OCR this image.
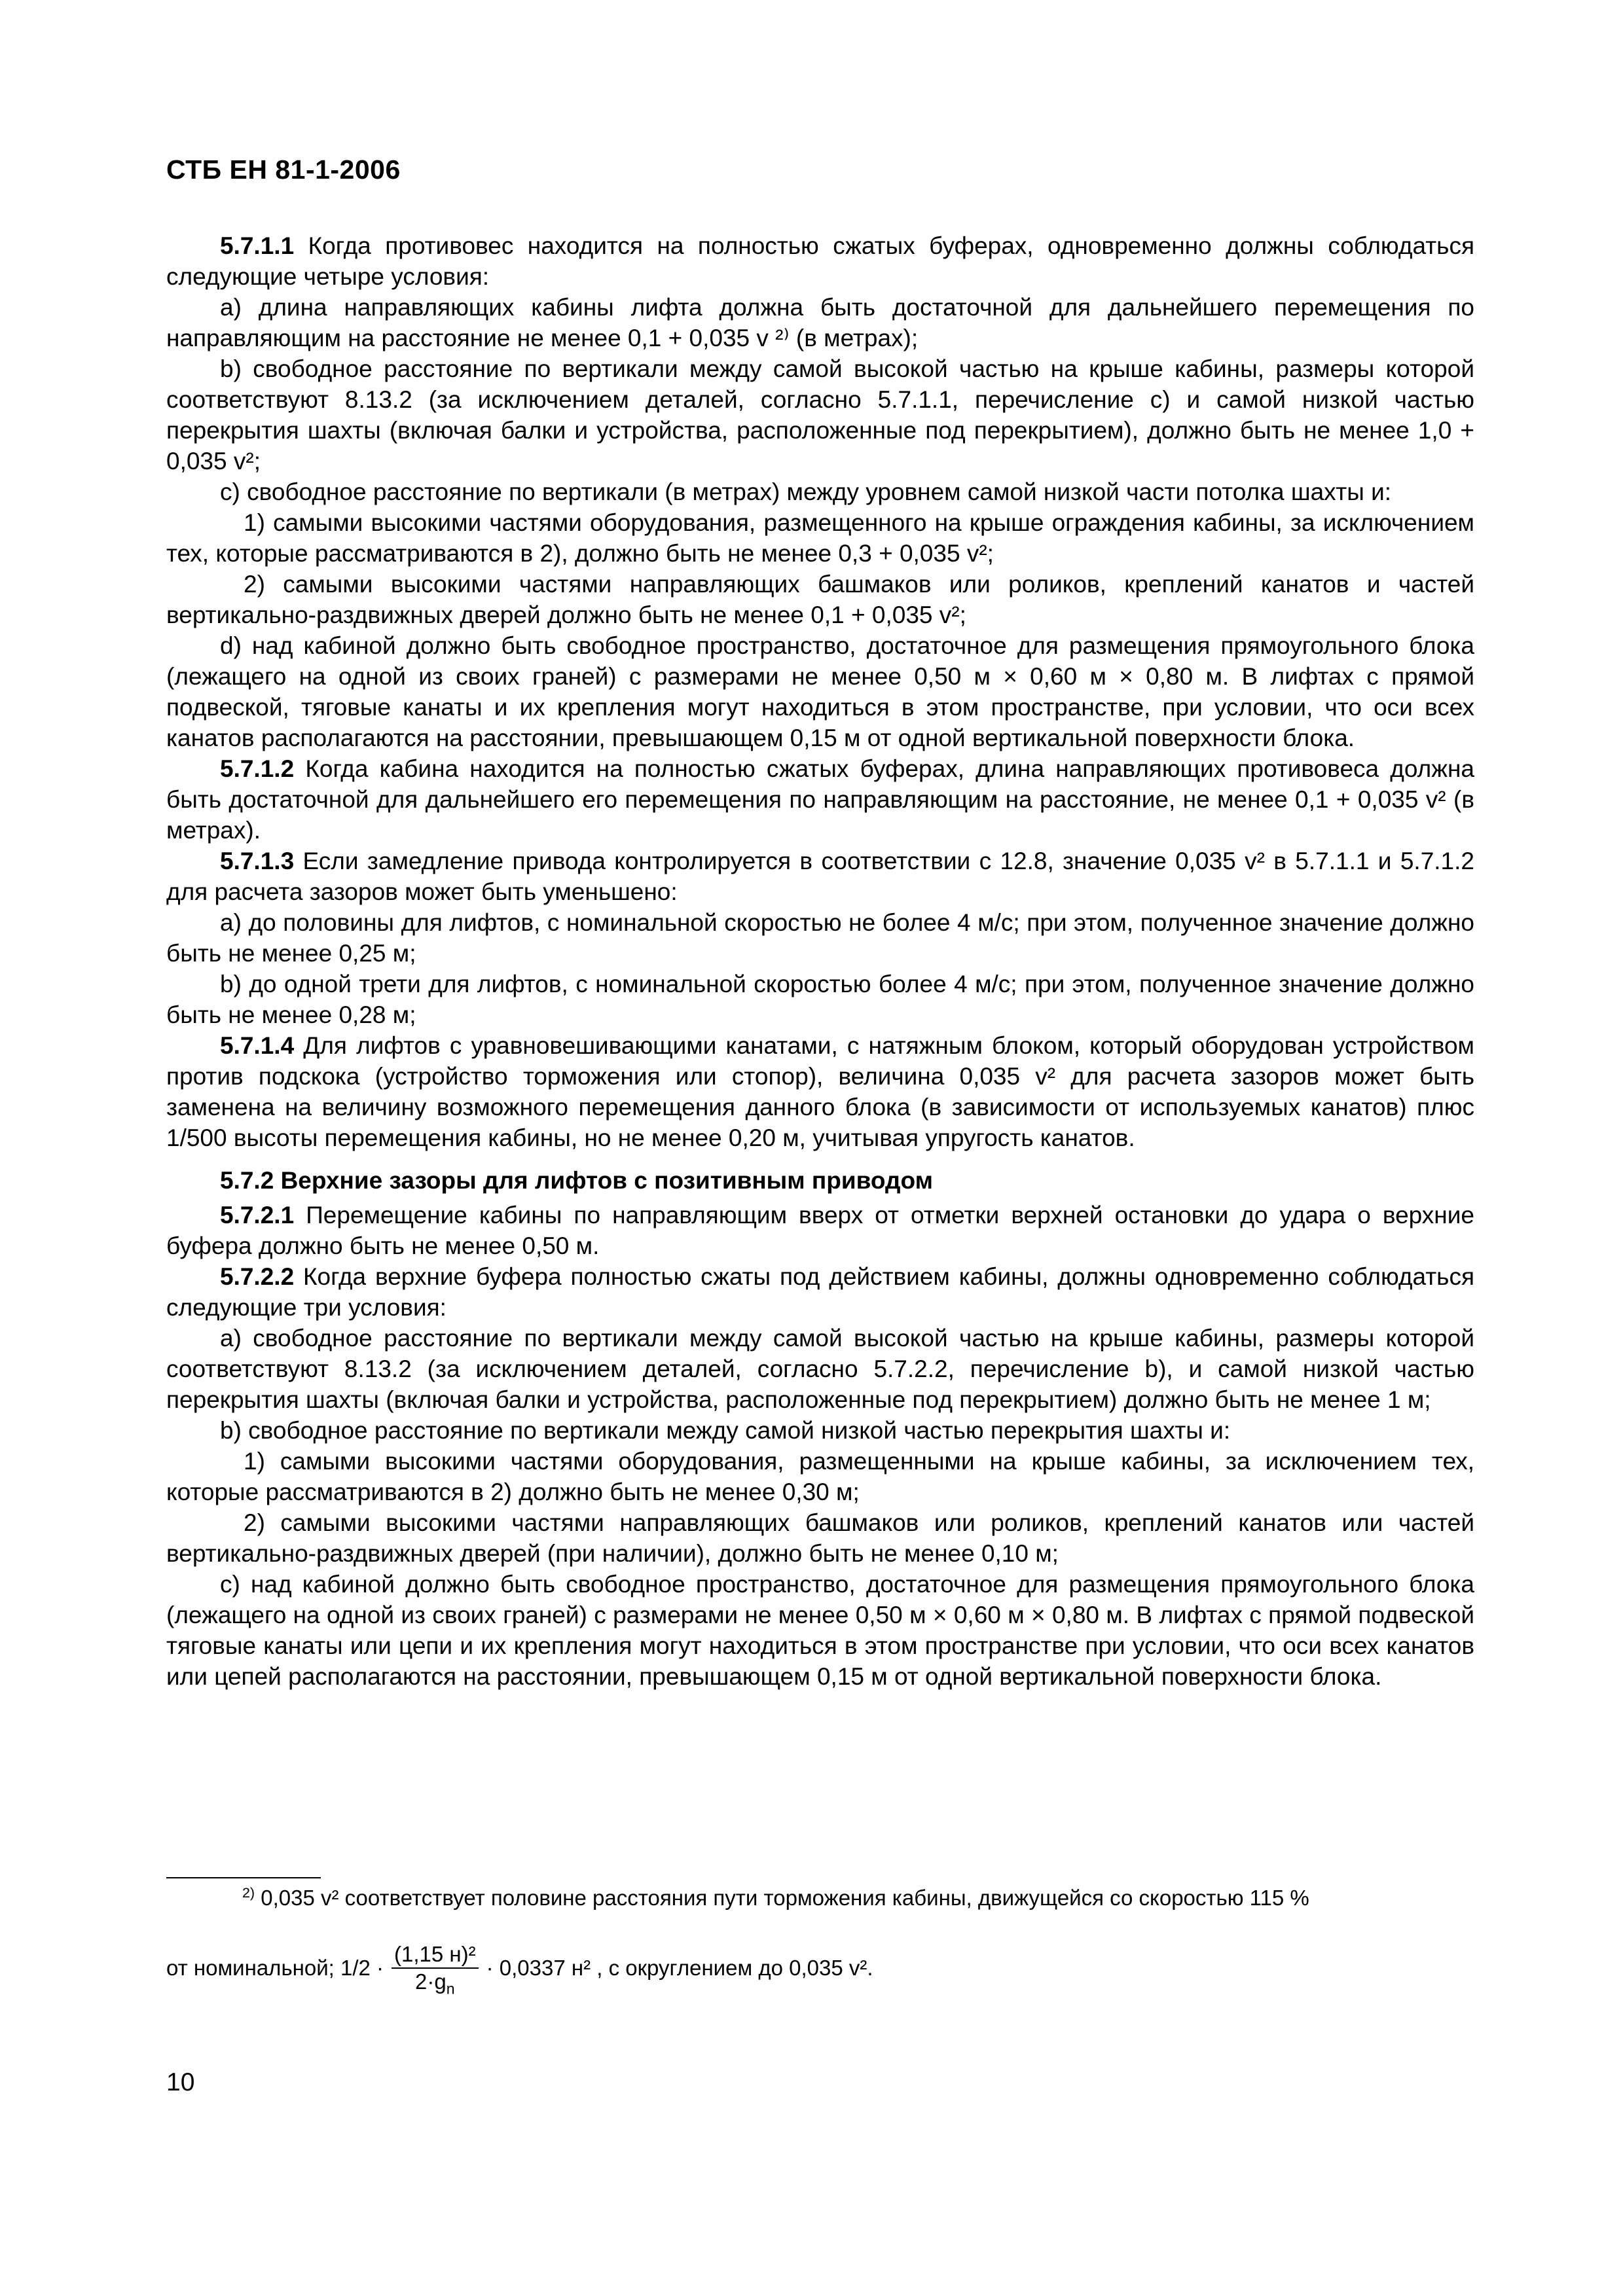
СТБ ЕН 81-1-2006

5.7.1.1 Когда противовес находится на полностью сжатых буферах, одновременно должны соблюдаться следующие четыре условия:

a) длина направляющих кабины лифта должна быть достаточной для дальнейшего перемещения по направляющим на расстояние не менее 0,1 + 0,035 v ²⁾ (в метрах);

b) свободное расстояние по вертикали между самой высокой частью на крыше кабины, размеры которой соответствуют 8.13.2 (за исключением деталей, согласно 5.7.1.1, перечисление c) и самой низкой частью перекрытия шахты (включая балки и устройства, расположенные под перекрытием), должно быть не менее 1,0 + 0,035 v²;

c) свободное расстояние по вертикали (в метрах) между уровнем самой низкой части потолка шахты и:

1) самыми высокими частями оборудования, размещенного на крыше ограждения кабины, за исключением тех, которые рассматриваются в 2), должно быть не менее 0,3 + 0,035 v²;

2) самыми высокими частями направляющих башмаков или роликов, креплений канатов и частей вертикально-раздвижных дверей должно быть не менее 0,1 + 0,035 v²;

d) над кабиной должно быть свободное пространство, достаточное для размещения прямоугольного блока (лежащего на одной из своих граней) с размерами не менее 0,50 м × 0,60 м × 0,80 м. В лифтах с прямой подвеской, тяговые канаты и их крепления могут находиться в этом пространстве, при условии, что оси всех канатов располагаются на расстоянии, превышающем 0,15 м от одной вертикальной поверхности блока.

5.7.1.2 Когда кабина находится на полностью сжатых буферах, длина направляющих противовеса должна быть достаточной для дальнейшего его перемещения по направляющим на расстояние, не менее 0,1 + 0,035 v² (в метрах).

5.7.1.3 Если замедление привода контролируется в соответствии с 12.8, значение 0,035 v² в 5.7.1.1 и 5.7.1.2 для расчета зазоров может быть уменьшено:

a) до половины для лифтов, с номинальной скоростью не более 4 м/с; при этом, полученное значение должно быть не менее 0,25 м;

b) до одной трети для лифтов, с номинальной скоростью более 4 м/с; при этом, полученное значение должно быть не менее 0,28 м;

5.7.1.4 Для лифтов с уравновешивающими канатами, с натяжным блоком, который оборудован устройством против подскока (устройство торможения или стопор), величина 0,035 v² для расчета зазоров может быть заменена на величину возможного перемещения данного блока (в зависимости от используемых канатов) плюс 1/500 высоты перемещения кабины, но не менее 0,20 м, учитывая упругость канатов.

5.7.2 Верхние зазоры для лифтов с позитивным приводом

5.7.2.1 Перемещение кабины по направляющим вверх от отметки верхней остановки до удара о верхние буфера должно быть не менее 0,50 м.

5.7.2.2 Когда верхние буфера полностью сжаты под действием кабины, должны одновременно соблюдаться следующие три условия:

a) свободное расстояние по вертикали между самой высокой частью на крыше кабины, размеры которой соответствуют 8.13.2 (за исключением деталей, согласно 5.7.2.2, перечисление b), и самой низкой частью перекрытия шахты (включая балки и устройства, расположенные под перекрытием) должно быть не менее 1 м;

b) свободное расстояние по вертикали между самой низкой частью перекрытия шахты и:

1) самыми высокими частями оборудования, размещенными на крыше кабины, за исключением тех, которые рассматриваются в 2) должно быть не менее 0,30 м;

2) самыми высокими частями направляющих башмаков или роликов, креплений канатов или частей вертикально-раздвижных дверей (при наличии), должно быть не менее 0,10 м;

c) над кабиной должно быть свободное пространство, достаточное для размещения прямоугольного блока (лежащего на одной из своих граней) с размерами не менее 0,50 м × 0,60 м × 0,80 м. В лифтах с прямой подвеской тяговые канаты или цепи и их крепления могут находиться в этом пространстве при условии, что оси всех канатов или цепей располагаются на расстоянии, превышающем 0,15 м от одной вертикальной поверхности блока.

$^{2)}$ 0,035 v² соответствует половине расстояния пути торможения кабины, движущейся со скоростью 115 %
от номинальной; $1/2 \cdot \frac{\text{(1,15 н)²}}{2\cdot g_n} \cdot 0,0337$ н² , с округлением до 0,035 v².
10
